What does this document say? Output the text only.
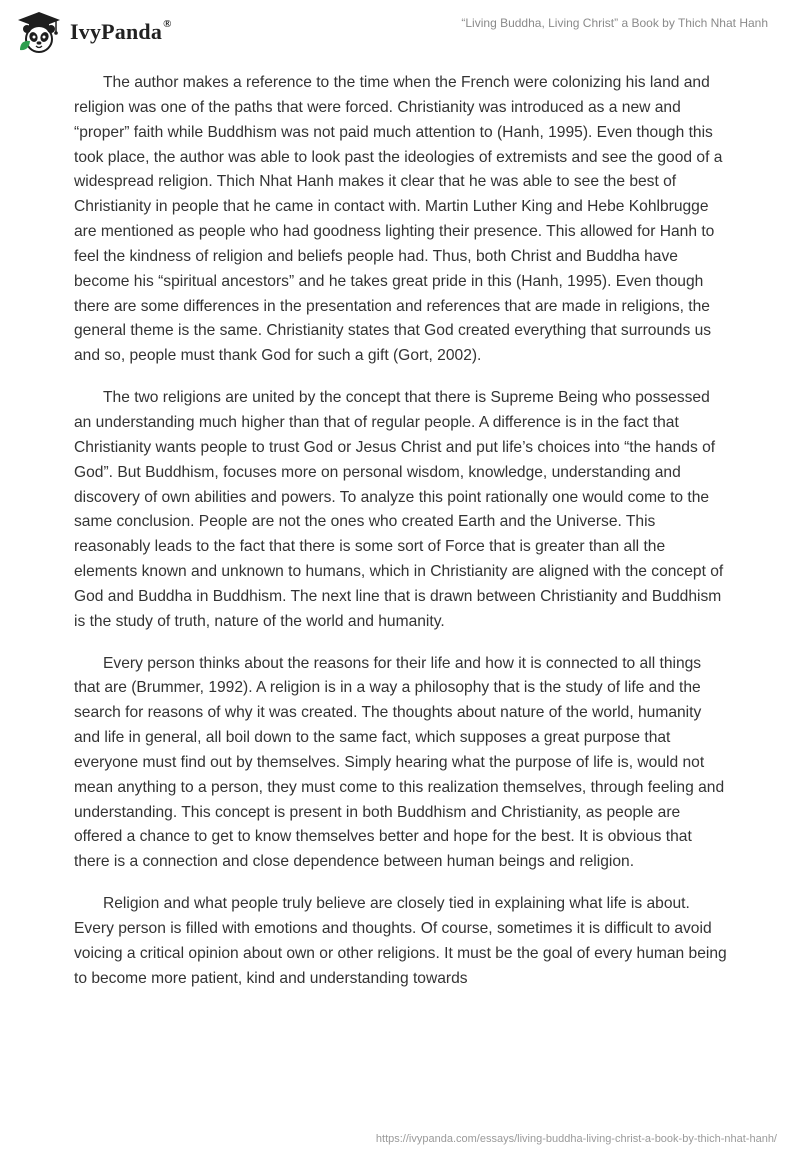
IvyPanda®	“Living Buddha, Living Christ” a Book by Thich Nhat Hanh

The author makes a reference to the time when the French were colonizing his land and religion was one of the paths that were forced. Christianity was introduced as a new and “proper” faith while Buddhism was not paid much attention to (Hanh, 1995). Even though this took place, the author was able to look past the ideologies of extremists and see the good of a widespread religion. Thich Nhat Hanh makes it clear that he was able to see the best of Christianity in people that he came in contact with. Martin Luther King and Hebe Kohlbrugge are mentioned as people who had goodness lighting their presence. This allowed for Hanh to feel the kindness of religion and beliefs people had. Thus, both Christ and Buddha have become his “spiritual ancestors” and he takes great pride in this (Hanh, 1995). Even though there are some differences in the presentation and references that are made in religions, the general theme is the same. Christianity states that God created everything that surrounds us and so, people must thank God for such a gift (Gort, 2002).

The two religions are united by the concept that there is Supreme Being who possessed an understanding much higher than that of regular people. A difference is in the fact that Christianity wants people to trust God or Jesus Christ and put life’s choices into “the hands of God”. But Buddhism, focuses more on personal wisdom, knowledge, understanding and discovery of own abilities and powers. To analyze this point rationally one would come to the same conclusion. People are not the ones who created Earth and the Universe. This reasonably leads to the fact that there is some sort of Force that is greater than all the elements known and unknown to humans, which in Christianity are aligned with the concept of God and Buddha in Buddhism. The next line that is drawn between Christianity and Buddhism is the study of truth, nature of the world and humanity.

Every person thinks about the reasons for their life and how it is connected to all things that are (Brummer, 1992). A religion is in a way a philosophy that is the study of life and the search for reasons of why it was created. The thoughts about nature of the world, humanity and life in general, all boil down to the same fact, which supposes a great purpose that everyone must find out by themselves. Simply hearing what the purpose of life is, would not mean anything to a person, they must come to this realization themselves, through feeling and understanding. This concept is present in both Buddhism and Christianity, as people are offered a chance to get to know themselves better and hope for the best. It is obvious that there is a connection and close dependence between human beings and religion.

Religion and what people truly believe are closely tied in explaining what life is about. Every person is filled with emotions and thoughts. Of course, sometimes it is difficult to avoid voicing a critical opinion about own or other religions. It must be the goal of every human being to become more patient, kind and understanding towards

https://ivypanda.com/essays/living-buddha-living-christ-a-book-by-thich-nhat-hanh/
